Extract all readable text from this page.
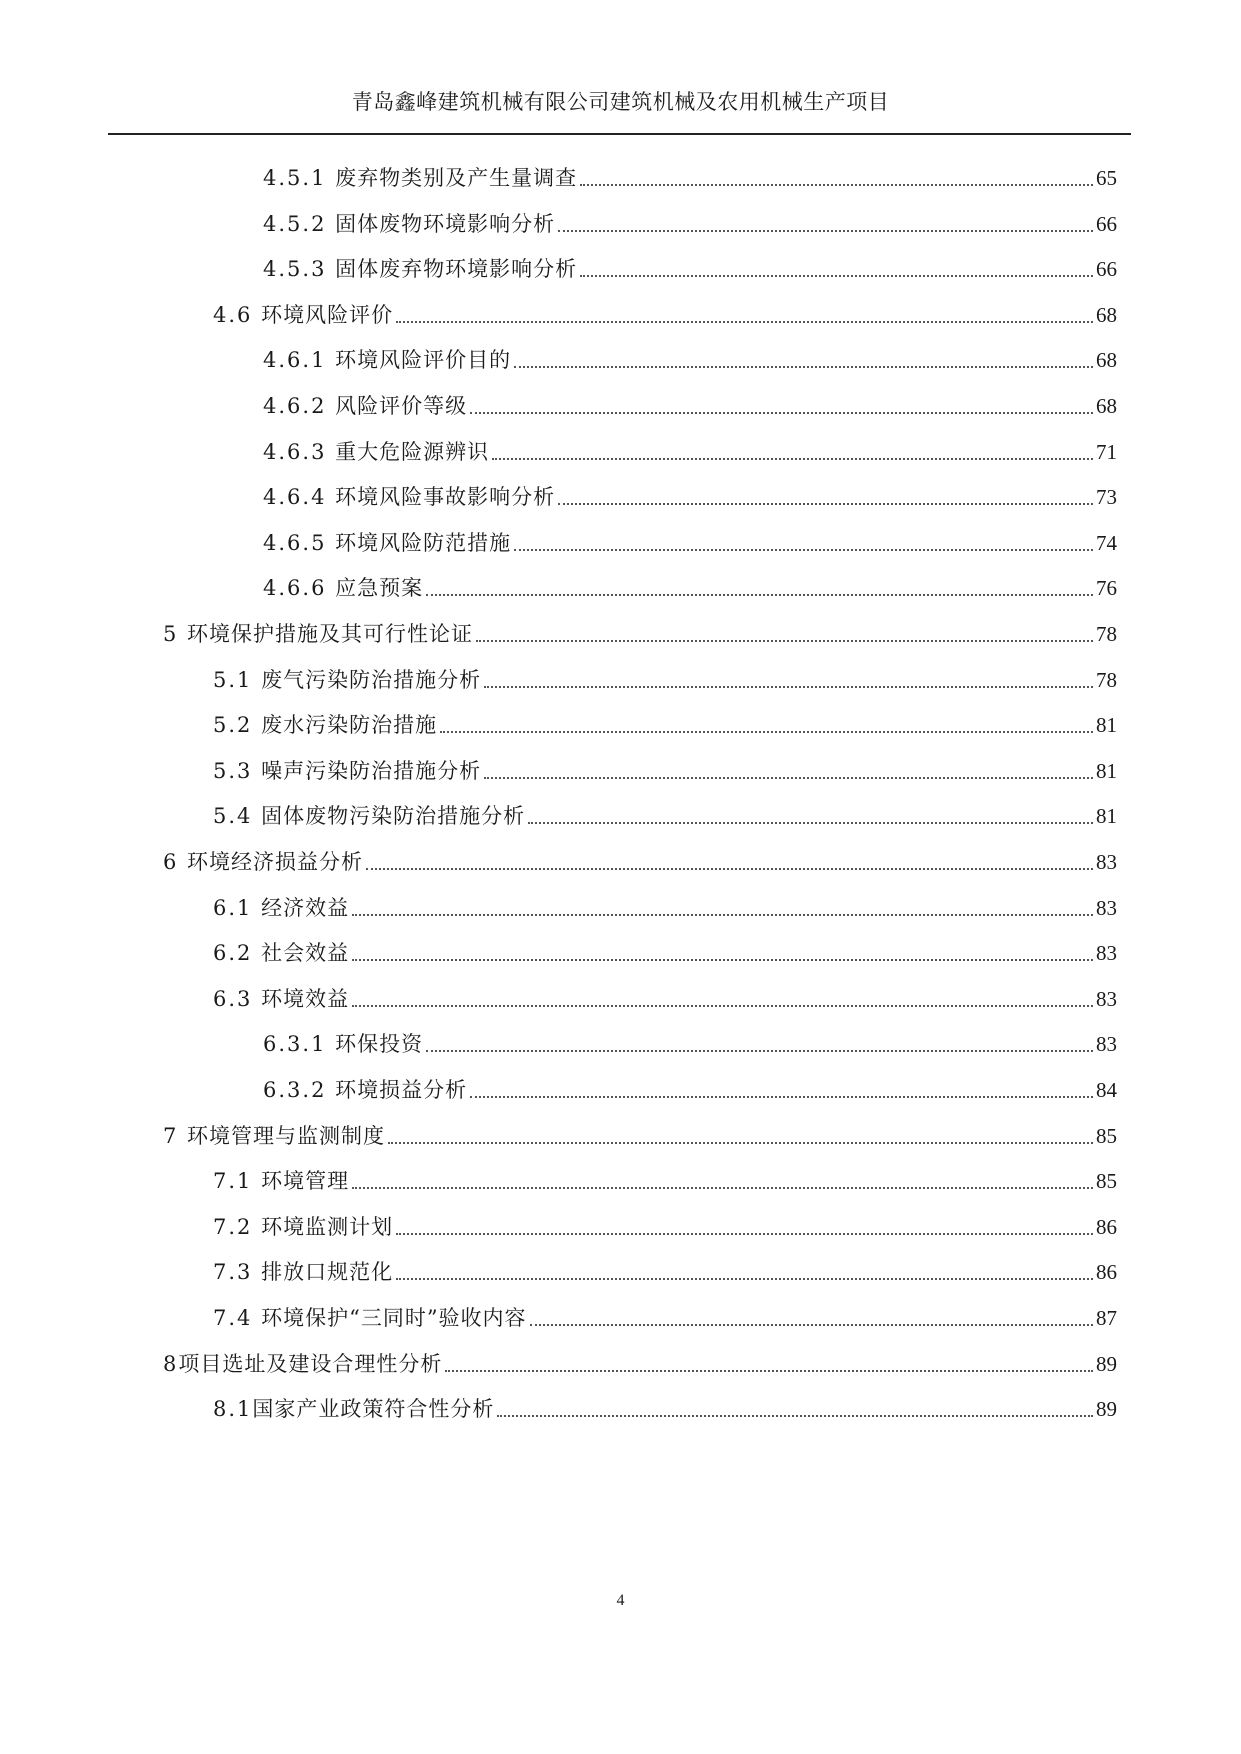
青岛鑫峰建筑机械有限公司建筑机械及农用机械生产项目
4.5.1 废弃物类别及产生量调查	65
4.5.2 固体废物环境影响分析	66
4.5.3 固体废弃物环境影响分析	66
4.6 环境风险评价	68
4.6.1 环境风险评价目的	68
4.6.2 风险评价等级	68
4.6.3 重大危险源辨识	71
4.6.4 环境风险事故影响分析	73
4.6.5 环境风险防范措施	74
4.6.6 应急预案	76
5 环境保护措施及其可行性论证	78
5.1 废气污染防治措施分析	78
5.2 废水污染防治措施	81
5.3 噪声污染防治措施分析	81
5.4 固体废物污染防治措施分析	81
6 环境经济损益分析	83
6.1 经济效益	83
6.2 社会效益	83
6.3 环境效益	83
6.3.1 环保投资	83
6.3.2 环境损益分析	84
7 环境管理与监测制度	85
7.1 环境管理	85
7.2 环境监测计划	86
7.3 排放口规范化	86
7.4 环境保护“三同时”验收内容	87
8 项目选址及建设合理性分析	89
8.1 国家产业政策符合性分析	89
4
